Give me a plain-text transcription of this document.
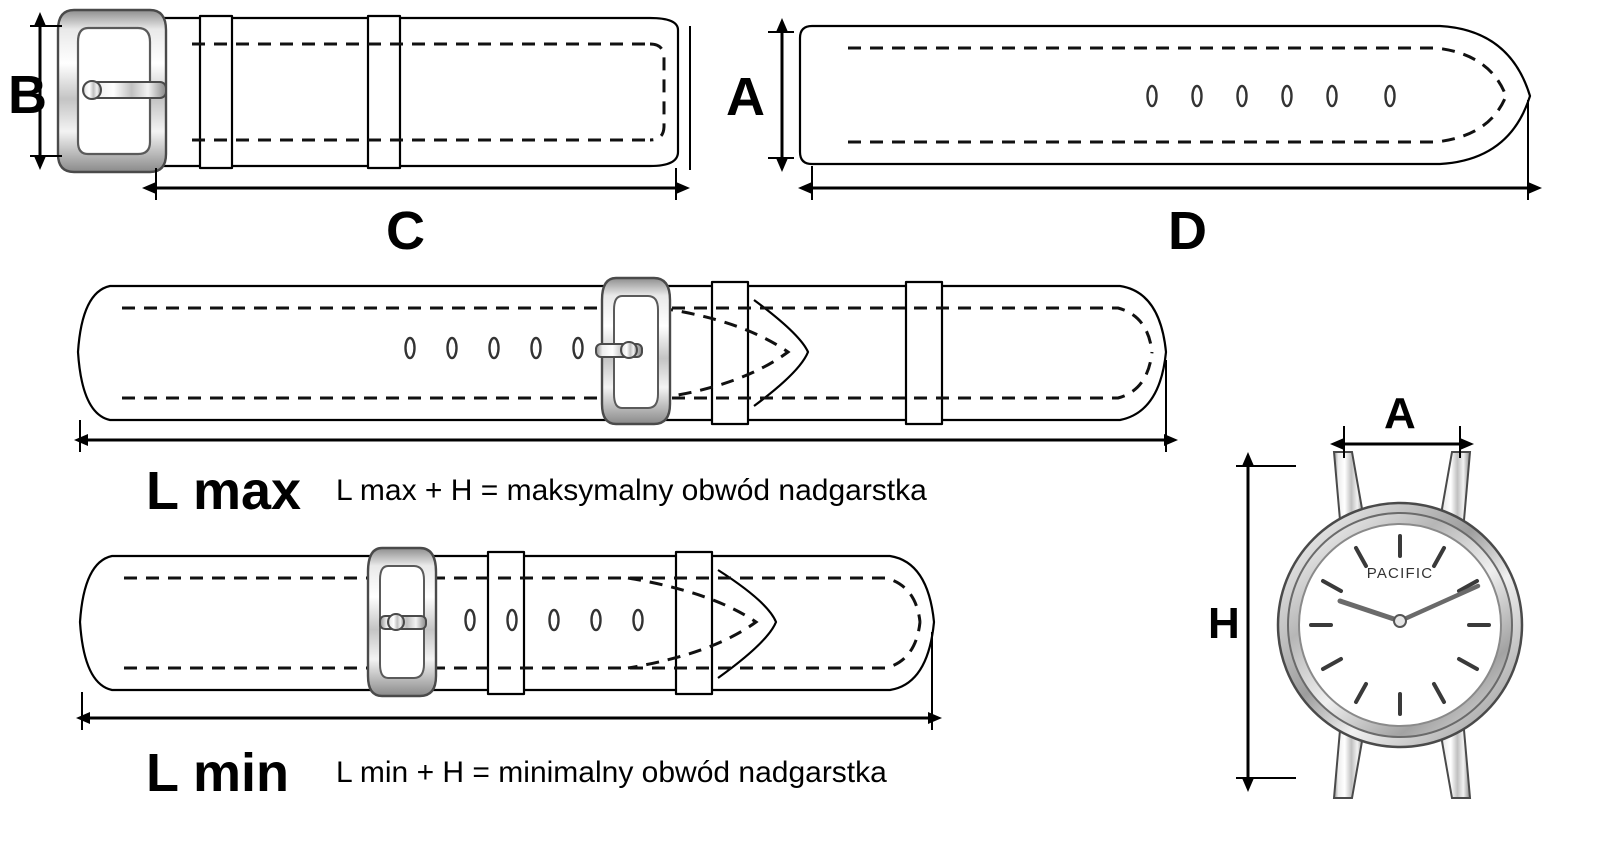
PACIFIC
B
C
A
D
L max L max + H = maksymalny obwód nadgarstka
L min L min + H = minimalny obwód nadgarstka
A
H
